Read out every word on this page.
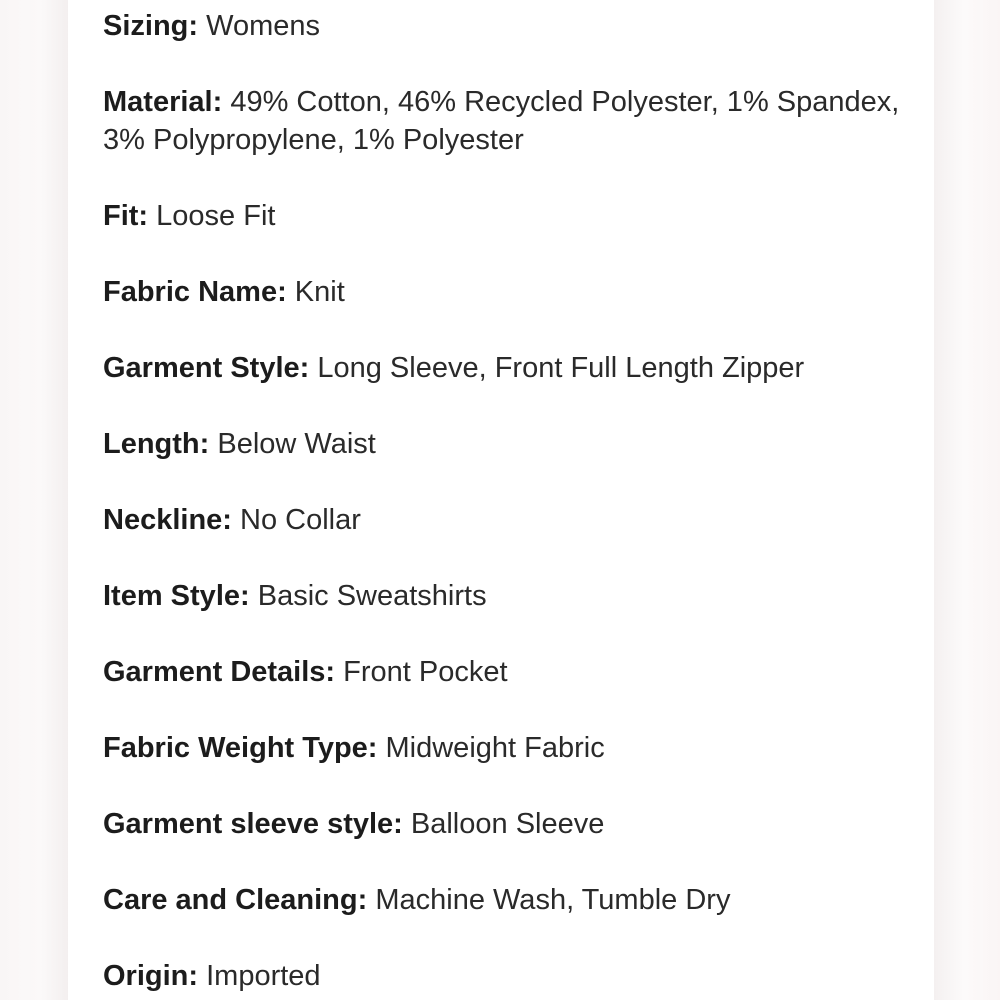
Sizing: Womens
Material: 49% Cotton, 46% Recycled Polyester, 1% Spandex, 3% Polypropylene, 1% Polyester
Fit: Loose Fit
Fabric Name: Knit
Garment Style: Long Sleeve, Front Full Length Zipper
Length: Below Waist
Neckline: No Collar
Item Style: Basic Sweatshirts
Garment Details: Front Pocket
Fabric Weight Type: Midweight Fabric
Garment sleeve style: Balloon Sleeve
Care and Cleaning: Machine Wash, Tumble Dry
Origin: Imported
